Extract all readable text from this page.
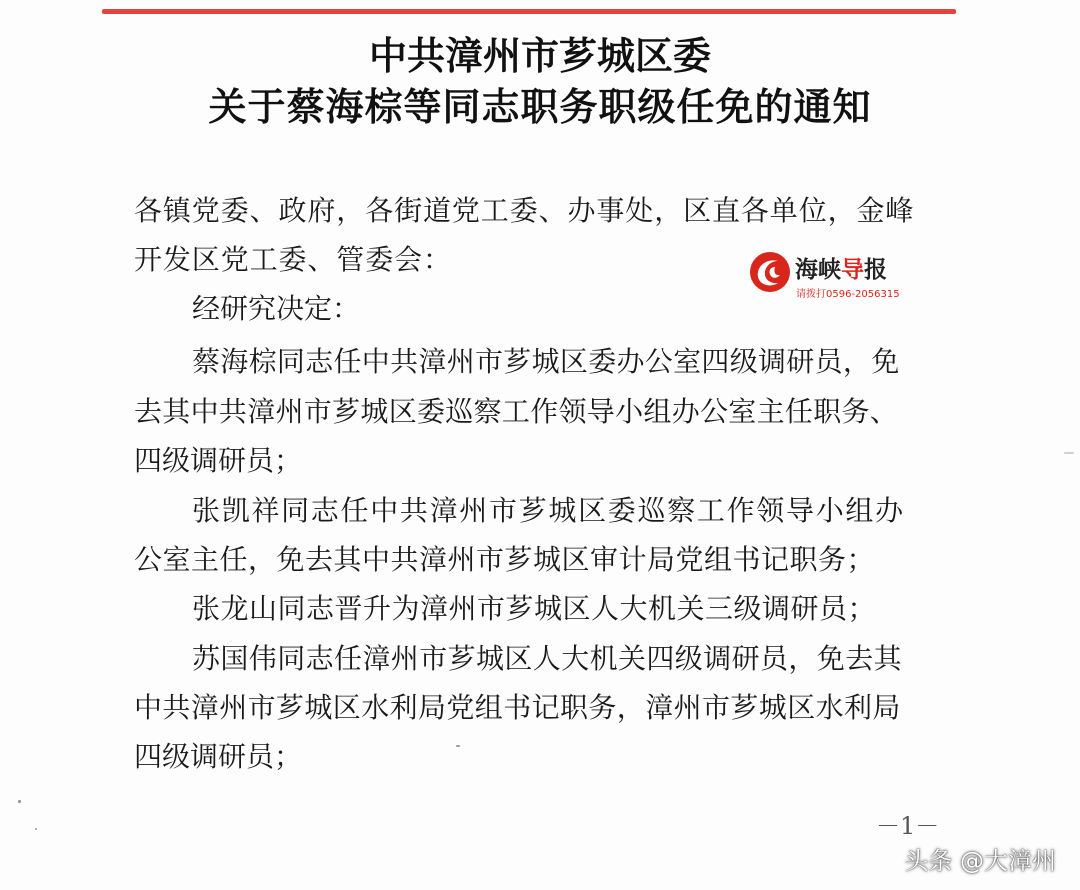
中共漳州市芗城区委
关于蔡海棕等同志职务职级任免的通知
各镇党委、政府，各街道党工委、办事处，区直各单位，金峰
开发区党工委、管委会：
经研究决定：
蔡海棕同志任中共漳州市芗城区委办公室四级调研员，免
去其中共漳州市芗城区委巡察工作领导小组办公室主任职务、
四级调研员；
张凯祥同志任中共漳州市芗城区委巡察工作领导小组办
公室主任，免去其中共漳州市芗城区审计局党组书记职务；
张龙山同志晋升为漳州市芗城区人大机关三级调研员；
苏国伟同志任漳州市芗城区人大机关四级调研员，免去其
中共漳州市芗城区水利局党组书记职务，漳州市芗城区水利局
四级调研员；
海峡导报
请拨打0596-2056315
－1－
头条 @大漳州
